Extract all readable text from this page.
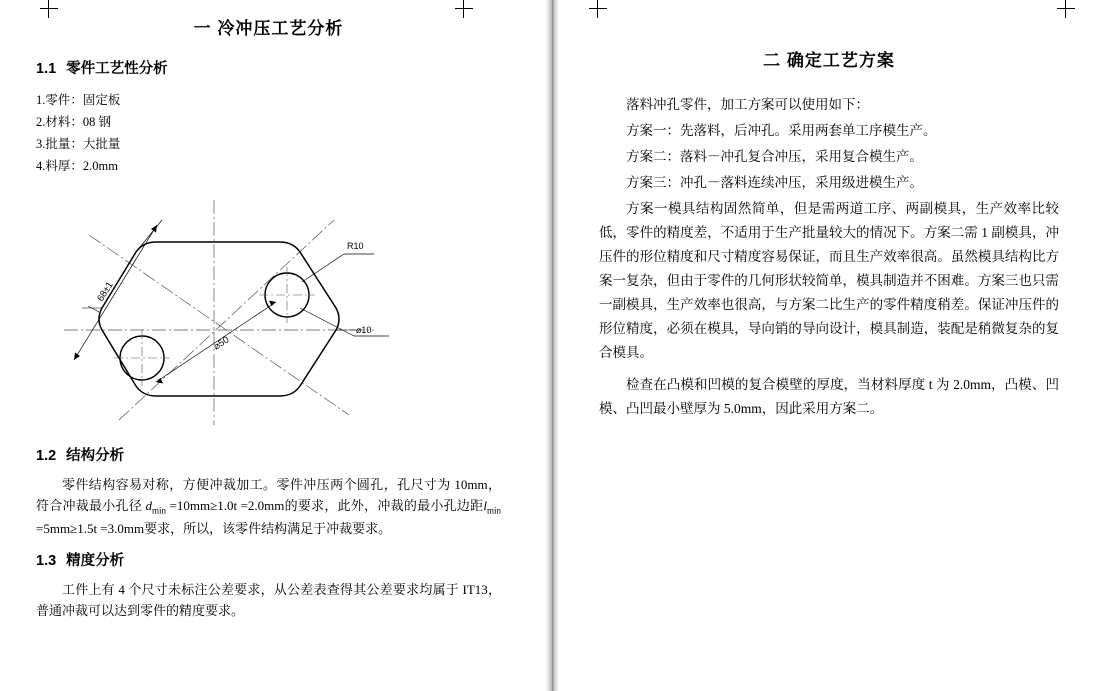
一 冷冲压工艺分析
1.1 零件工艺性分析
1.零件：固定板
2.材料：08 钢
3.批量：大批量
4.料厚：2.0mm
R10
⌀10
⌀50
68±1
1.2 结构分析

零件结构容易对称，方便冲裁加工。零件冲压两个圆孔，孔尺寸为 10mm，符合冲裁最小孔径 $d_{min} =10mm\ge 1.0t =2.0mm$的要求，此外，冲裁的最小孔边距$l_{min} =5mm\ge 1.5t =3.0mm$要求，所以，该零件结构满足于冲裁要求。

1.3 精度分析

工件上有 4 个尺寸未标注公差要求，从公差表查得其公差要求均属于 IT13，普通冲裁可以达到零件的精度要求。

二 确定工艺方案

落料冲孔零件，加工方案可以使用如下：

方案一：先落料，后冲孔。采用两套单工序模生产。

方案二：落料－冲孔复合冲压，采用复合模生产。

方案三：冲孔－落料连续冲压，采用级进模生产。

方案一模具结构固然简单，但是需两道工序、两副模具，生产效率比较低，零件的精度差，不适用于生产批量较大的情况下。方案二需 1 副模具，冲压件的形位精度和尺寸精度容易保证，而且生产效率很高。虽然模具结构比方案一复杂，但由于零件的几何形状较简单，模具制造并不困难。方案三也只需一副模具，生产效率也很高，与方案二比生产的零件精度稍差。保证冲压件的形位精度，必须在模具，导向销的导向设计，模具制造，装配是稍微复杂的复合模具。

检查在凸模和凹模的复合模壁的厚度，当材料厚度 t 为 2.0mm，凸模、凹模、凸凹最小壁厚为 5.0mm，因此采用方案二。
